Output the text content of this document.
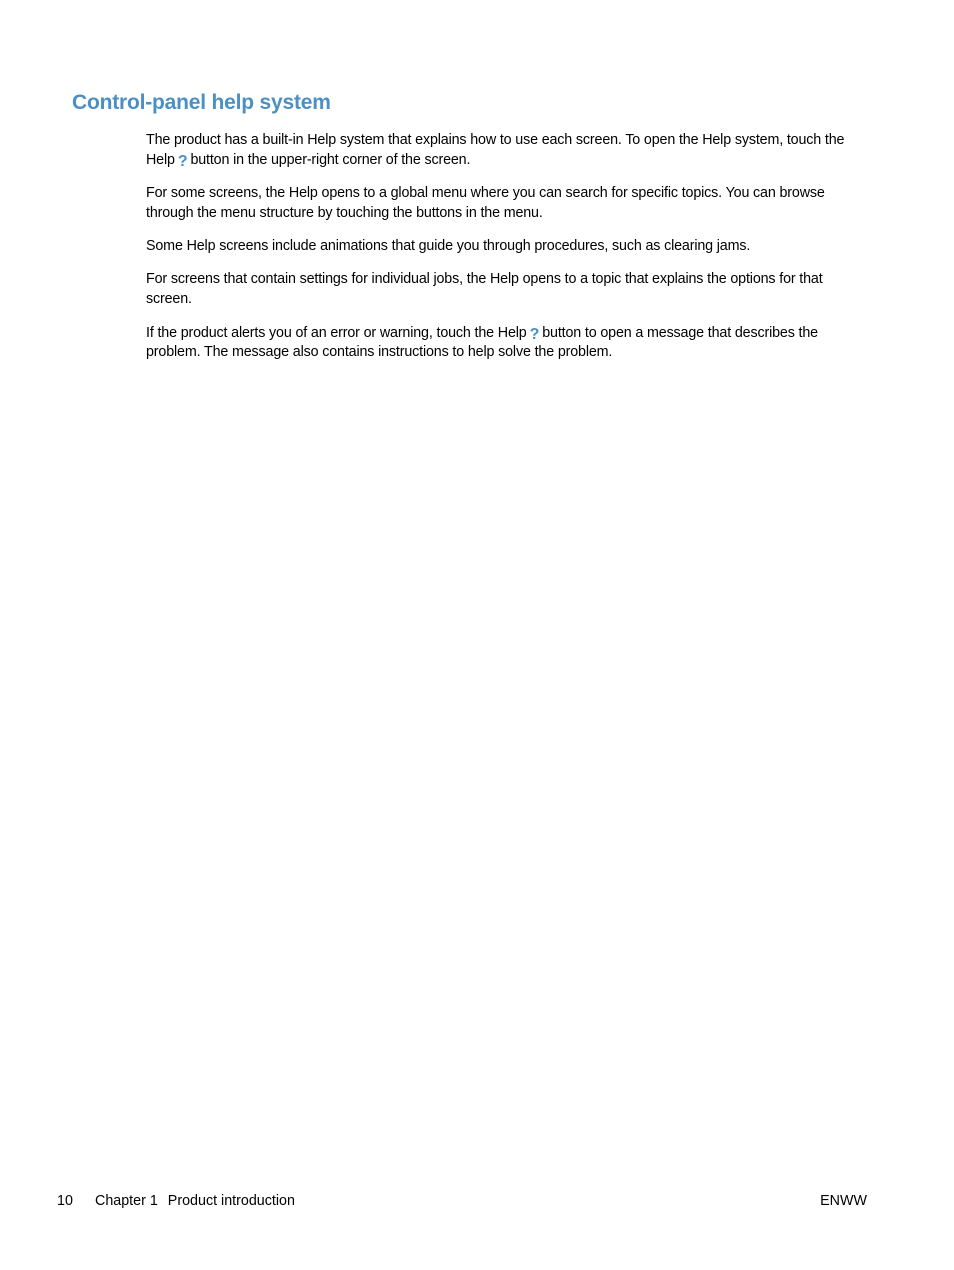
Control-panel help system

The product has a built-in Help system that explains how to use each screen. To open the Help system, touch the Help ? button in the upper-right corner of the screen.

For some screens, the Help opens to a global menu where you can search for specific topics. You can browse through the menu structure by touching the buttons in the menu.

Some Help screens include animations that guide you through procedures, such as clearing jams.

For screens that contain settings for individual jobs, the Help opens to a topic that explains the options for that screen.

If the product alerts you of an error or warning, touch the Help ? button to open a message that describes the problem. The message also contains instructions to help solve the problem.

10 Chapter 1 Product introduction	ENWW
